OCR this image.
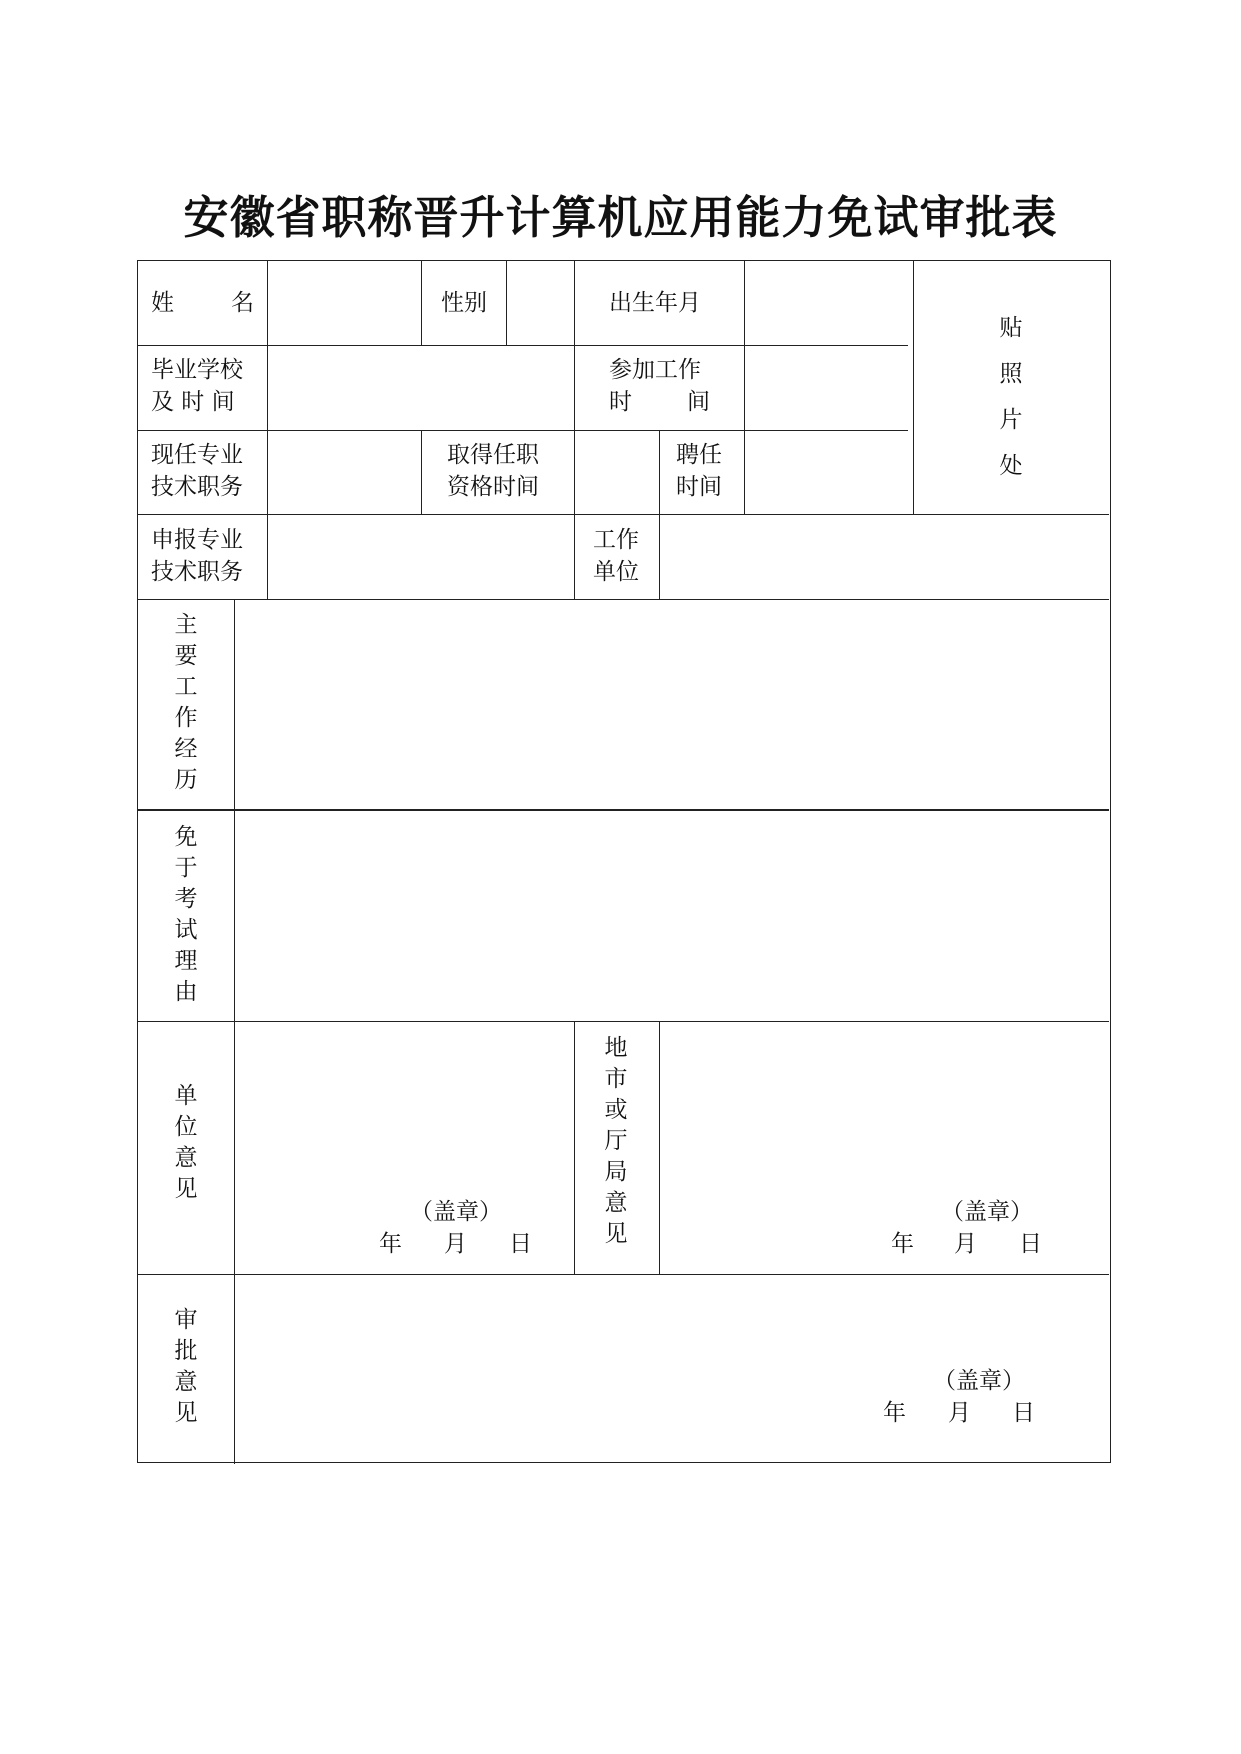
安徽省职称晋升计算机应用能力免试审批表
姓 名	性别	出生年月
贴
照
片
处
毕业学校
及 时 间
参加工作
时 间
现任专业
技术职务
取得任职
资格时间
聘任
时间
申报专业
技术职务
工作
单位
主
要
工
作
经
历
免
于
考
试
理
由
单
位
意
见
（盖章）
年 月 日
地
市
或
厅
局
意
见
（盖章）
年 月 日
审
批
意
见
（盖章）
年 月 日
